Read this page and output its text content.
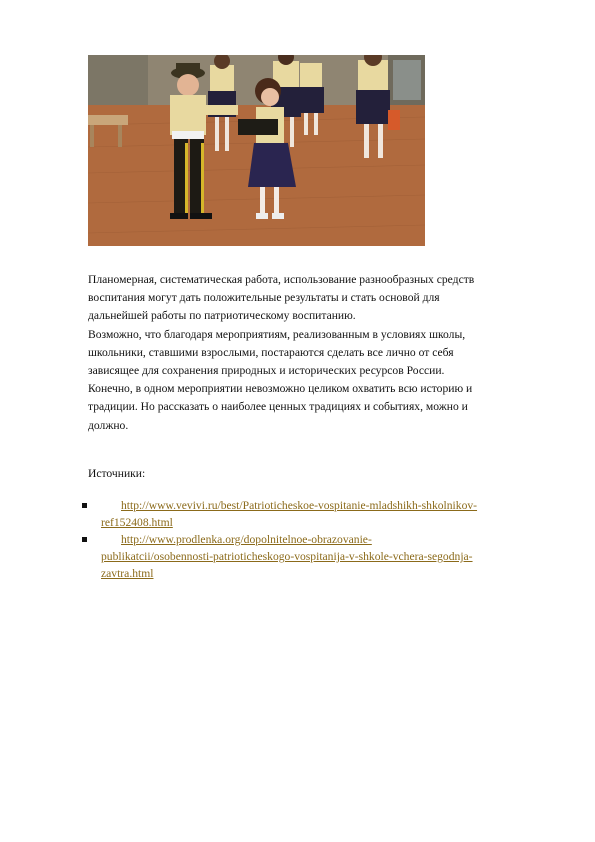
Планомерная, систематическая работа, использование разнообразных средств
воспитания могут дать положительные результаты и стать основой для
дальнейшей работы по патриотическому воспитанию.
Возможно, что благодаря мероприятиям, реализованным в условиях школы,
школьники, ставшими взрослыми, постараются сделать все лично от себя
зависящее для сохранения природных и исторических ресурсов России.
Конечно, в одном мероприятии невозможно целиком охватить всю историю и
традиции. Но рассказать о наиболее ценных традициях и событиях, можно и
должно.
Источники:
http://www.vevivi.ru/best/Patrioticheskoe-vospitanie-mladshikh-shkolnikov-
ref152408.html
http://www.prodlenka.org/dopolnitelnoe-obrazovanie-
publikatcii/osobennosti-patrioticheskogo-vospitanija-v-shkole-vchera-segodnja-
zavtra.html
